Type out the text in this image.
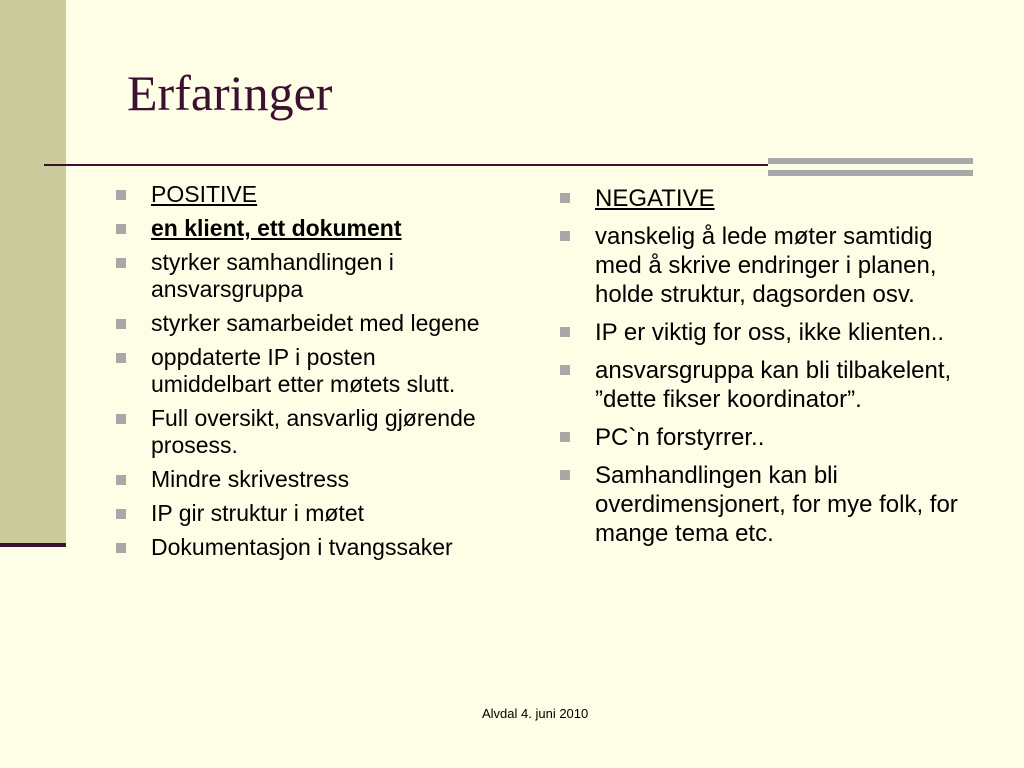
Erfaringer
POSITIVE
en klient, ett dokument
styrker samhandlingen i ansvarsgruppa
styrker samarbeidet med legene
oppdaterte IP i posten umiddelbart etter møtets slutt.
Full oversikt, ansvarlig gjørende prosess.
Mindre skrivestress
IP gir struktur i møtet
Dokumentasjon i tvangssaker
NEGATIVE
vanskelig å lede møter samtidig med å skrive endringer i planen, holde struktur, dagsorden osv.
IP er viktig for oss, ikke klienten..
ansvarsgruppa kan bli tilbakelent, ”dette fikser koordinator”.
PC`n forstyrrer..
Samhandlingen kan bli overdimensjonert, for mye folk, for mange tema etc.
Alvdal 4. juni 2010
